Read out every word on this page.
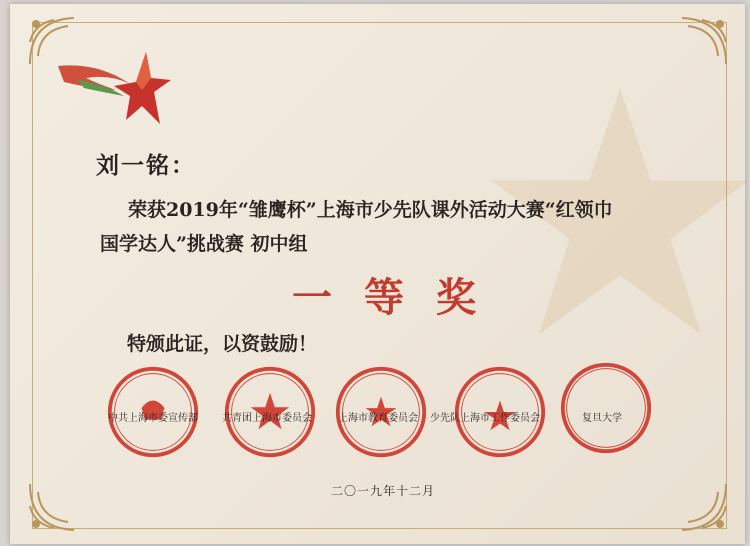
刘一铭：
荣获2019年“雏鹰杯”上海市少先队课外活动大赛“红领巾
国学达人”挑战赛 初中组
一等奖
特颁此证，以资鼓励！
中共上海市委宣传部 共青团上海市委员会	上海市教育委员会 少先队上海市工作委员会	复旦大学
二〇一九年十二月
